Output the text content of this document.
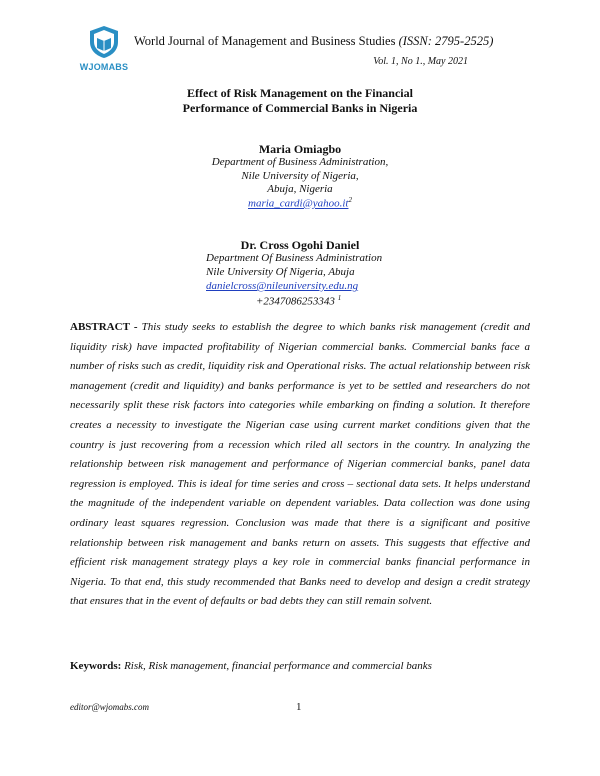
WJOMABS
World Journal of Management and Business Studies (ISSN: 2795-2525)
Vol. 1, No 1., May 2021
Effect of Risk Management on the Financial
Performance of Commercial Banks in Nigeria
Maria Omiagbo
Department of Business Administration,
Nile University of Nigeria,
Abuja, Nigeria
$maria\_cardi@yahoo.it^2$
Dr. Cross Ogohi Daniel
Department Of Business Administration
Nile University Of Nigeria, Abuja
danielcross@nileuniversity.edu.ng
+2347086253343 $^1$
ABSTRACT - This study seeks to establish the degree to which banks risk management (credit and liquidity risk) have impacted profitability of Nigerian commercial banks. Commercial banks face a number of risks such as credit, liquidity risk and Operational risks. The actual relationship between risk management (credit and liquidity) and banks performance is yet to be settled and researchers do not necessarily split these risk factors into categories while embarking on finding a solution. It therefore creates a necessity to investigate the Nigerian case using current market conditions given that the country is just recovering from a recession which riled all sectors in the country. In analyzing the relationship between risk management and performance of Nigerian commercial banks, panel data regression is employed. This is ideal for time series and cross – sectional data sets. It helps understand the magnitude of the independent variable on dependent variables. Data collection was done using ordinary least squares regression. Conclusion was made that there is a significant and positive relationship between risk management and banks return on assets. This suggests that effective and efficient risk management strategy plays a key role in commercial banks financial performance in Nigeria. To that end, this study recommended that Banks need to develop and design a credit strategy that ensures that in the event of defaults or bad debts they can still remain solvent.
Keywords: Risk, Risk management, financial performance and commercial banks
editor@wjomabs.com	1
